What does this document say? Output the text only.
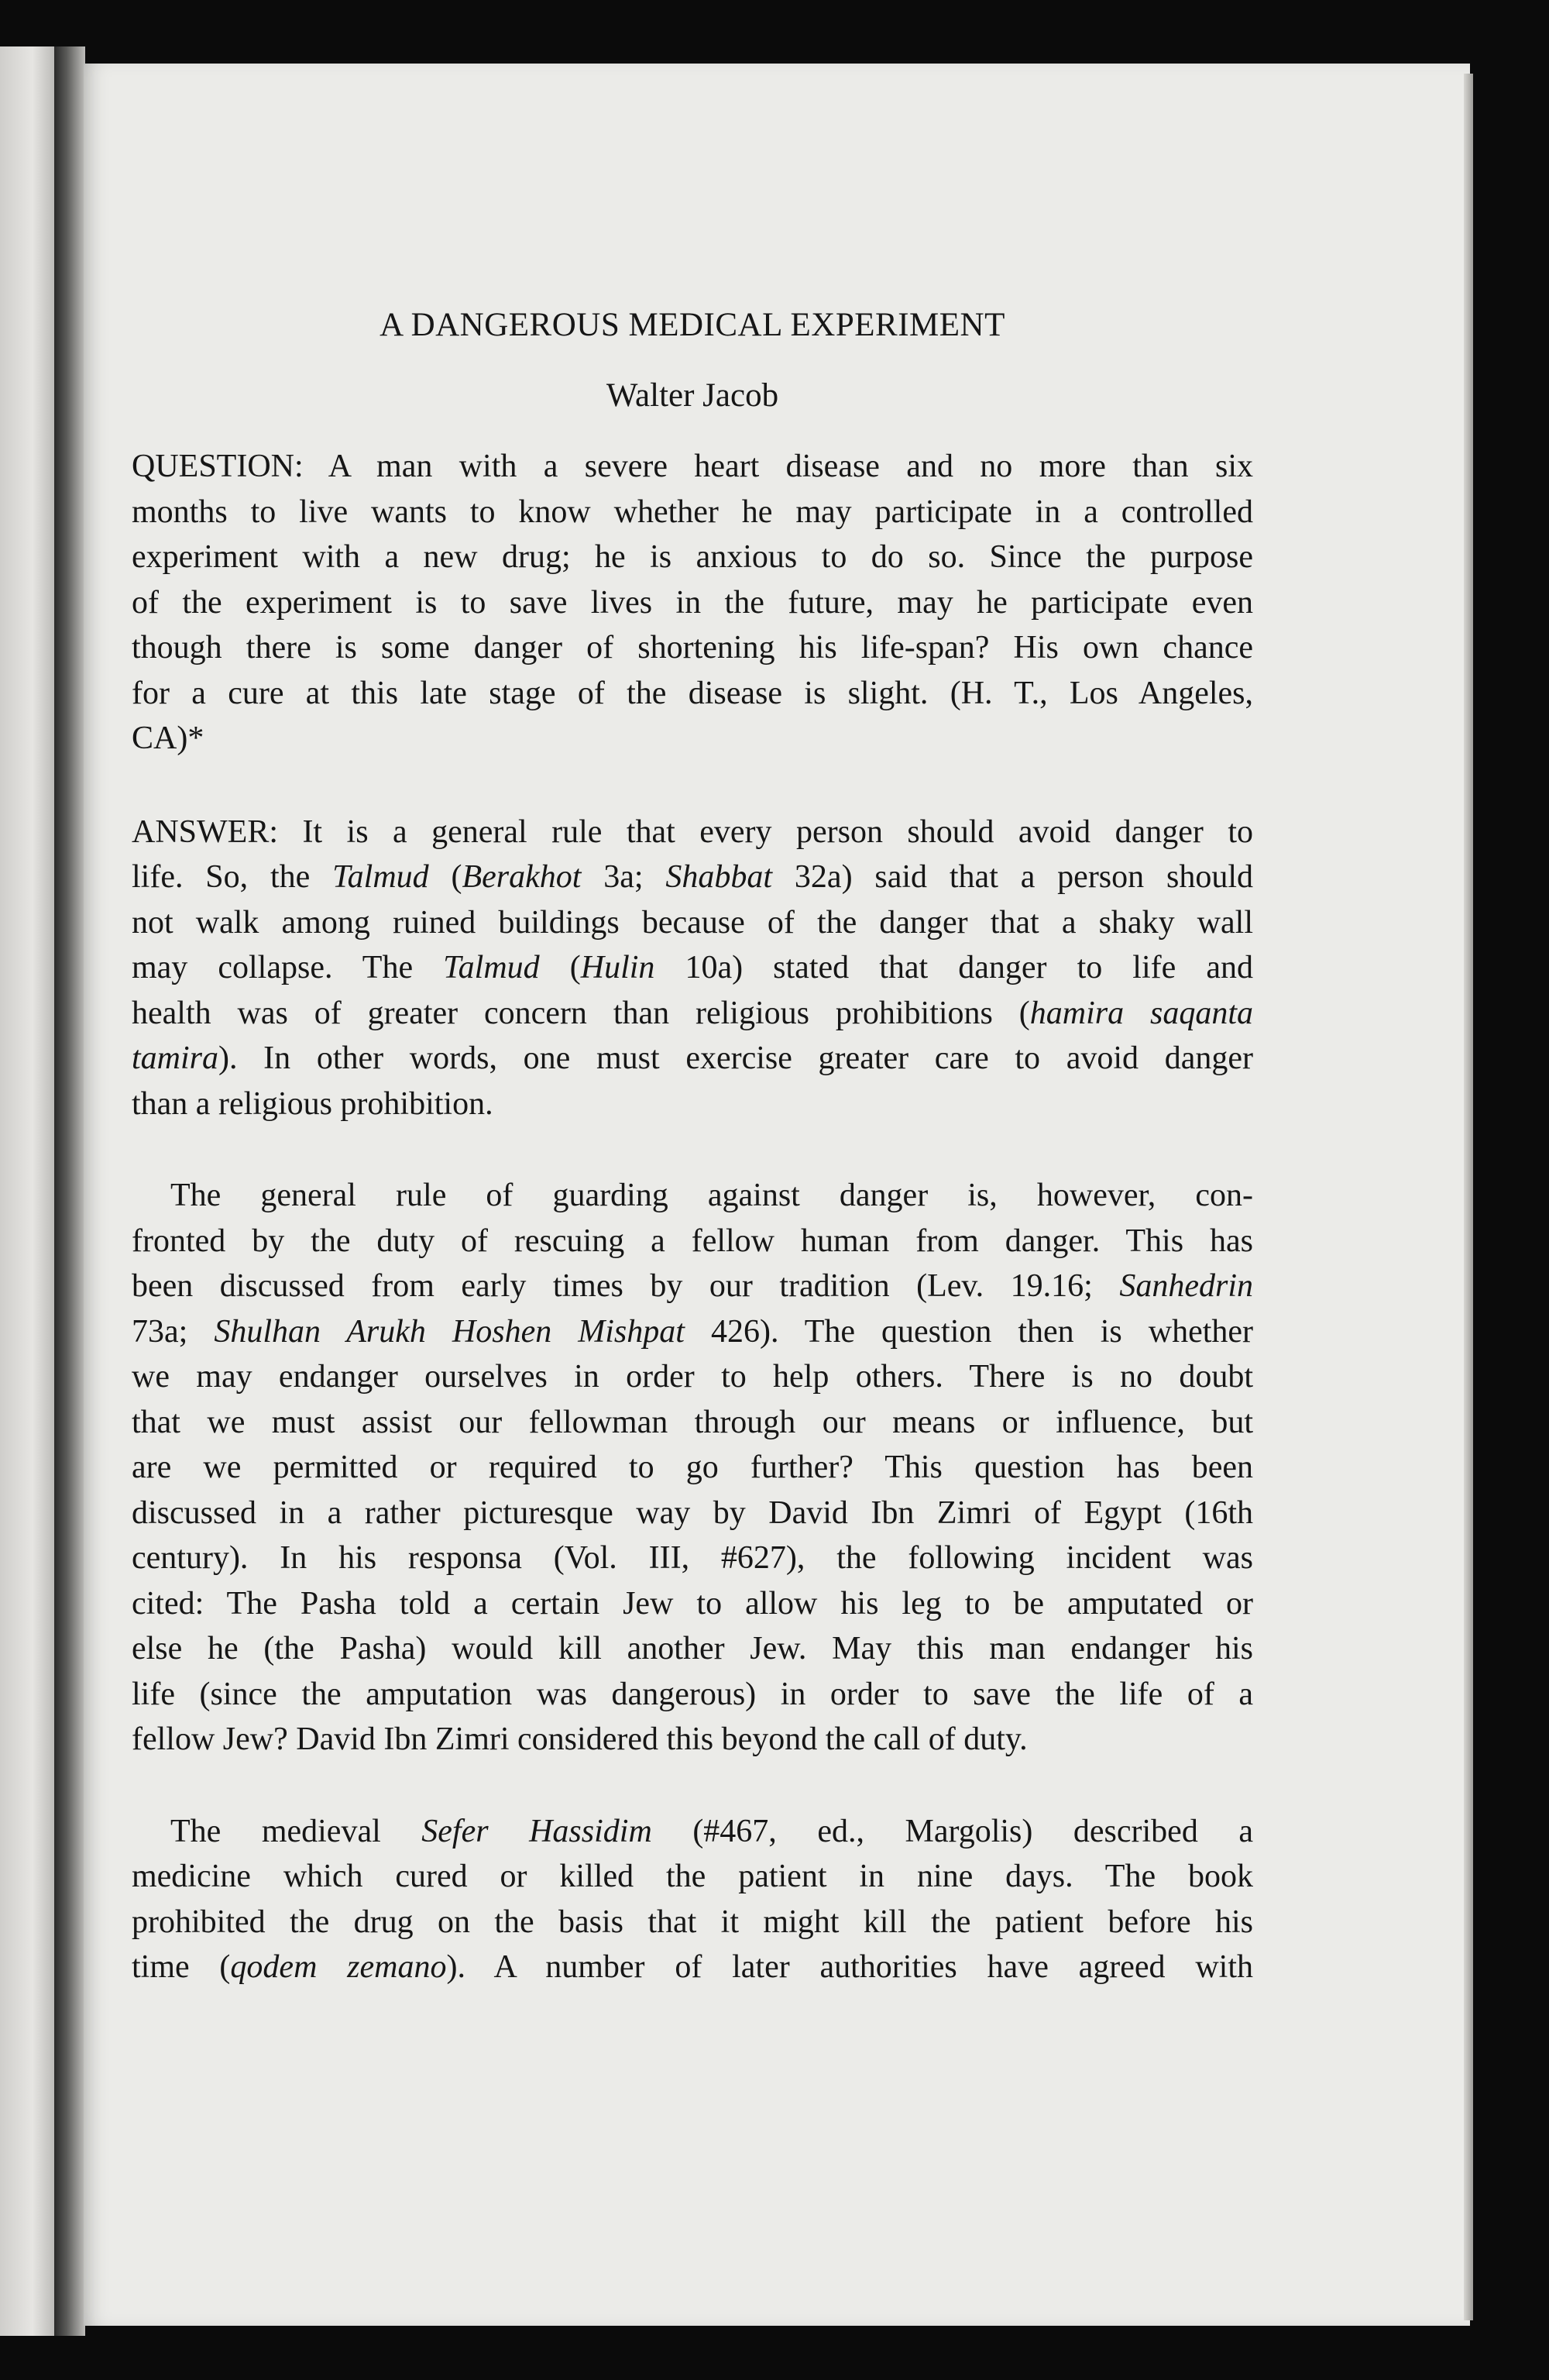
A DANGEROUS MEDICAL EXPERIMENT
Walter Jacob

QUESTION: A man with a severe heart disease and no more than six
months to live wants to know whether he may participate in a controlled
experiment with a new drug; he is anxious to do so. Since the purpose
of the experiment is to save lives in the future, may he participate even
though there is some danger of shortening his life-span? His own chance
for a cure at this late stage of the disease is slight. (H. T., Los Angeles,
CA)*

ANSWER: It is a general rule that every person should avoid danger to
life. So, the Talmud (Berakhot 3a; Shabbat 32a) said that a person should
not walk among ruined buildings because of the danger that a shaky wall
may collapse. The Talmud (Hulin 10a) stated that danger to life and
health was of greater concern than religious prohibitions (hamira saqanta
tamira). In other words, one must exercise greater care to avoid danger
than a religious prohibition.

The general rule of guarding against danger is, however, con-
fronted by the duty of rescuing a fellow human from danger. This has
been discussed from early times by our tradition (Lev. 19.16; Sanhedrin
73a; Shulhan Arukh Hoshen Mishpat 426). The question then is whether
we may endanger ourselves in order to help others. There is no doubt
that we must assist our fellowman through our means or influence, but
are we permitted or required to go further? This question has been
discussed in a rather picturesque way by David Ibn Zimri of Egypt (16th
century). In his responsa (Vol. III, #627), the following incident was
cited: The Pasha told a certain Jew to allow his leg to be amputated or
else he (the Pasha) would kill another Jew. May this man endanger his
life (since the amputation was dangerous) in order to save the life of a
fellow Jew? David Ibn Zimri considered this beyond the call of duty.

The medieval Sefer Hassidim (#467, ed., Margolis) described a
medicine which cured or killed the patient in nine days. The book
prohibited the drug on the basis that it might kill the patient before his
time (qodem zemano). A number of later authorities have agreed with
